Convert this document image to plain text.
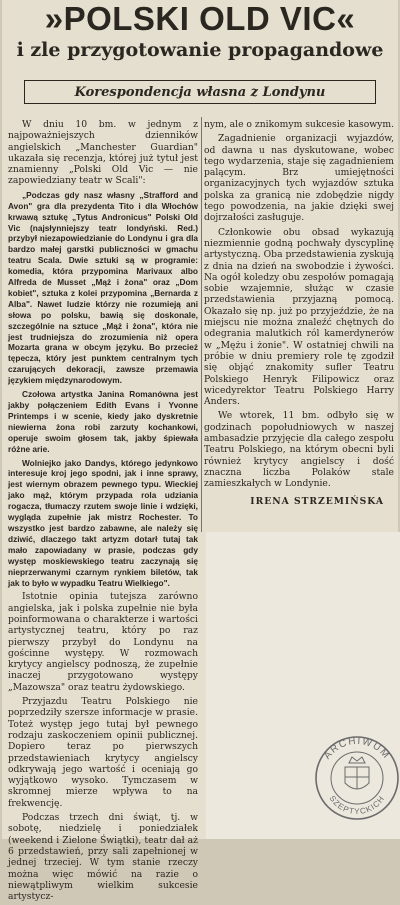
»POLSKI OLD VIC«
i zle przygotowanie propagandowe
Korespondencja własna z Londynu

W dniu 10 bm. w jednym z najpoważniejszych dzienników angielskich „Manchester Guardian" ukazała się recenzja, której już tytuł jest znamienny „Polski Old Vic — nie zapowiedziany teatr w Scali":

„Podczas gdy nasz własny „Strafford and Avon" gra dla prezydenta Tito i dla Włochów krwawą sztukę „Tytus Andronicus" Polski Old Vic (najsłynniejszy teatr londyński. Red.) przybył niezapowiedzianie do Londynu i gra dla bardzo małej garstki publiczności w gmachu teatru Scala. Dwie sztuki są w programie: komedia, która przypomina Marivaux albo Alfreda de Musset „Mąż i żona" oraz „Dom kobiet", sztuka z kolei przypomina „Bernarda z Alba". Nawet ludzie którzy nie rozumieją ani słowa po polsku, bawią się doskonale, szczególnie na sztuce „Mąż i żona", która nie jest trudniejsza do zrozumienia niż opera Mozarta grana w obcym języku. Bo przecież tępecza, który jest punktem centralnym tych czarujących dekoracji, zawsze przemawia językiem międzynarodowym.

Czołowa artystka Janina Romanówna jest jakby połączeniem Edith Evans i Yvonne Printemps i w scenie, kiedy jako dyskretnie niewierna żona robi zarzuty kochankowi, operuje swoim głosem tak, jakby śpiewała różne arie.

Wolniejko jako Dandys, którego jedynkowo interesuje kroj jego spodni, jak i inne sprawy, jest wiernym obrazem pewnego typu. Wieckiej jako mąż, którym przypada rola udziania rogacza, tłumaczy rzutem swoje linie i wdzięki, wygląda zupełnie jak mistrz Rochester. To wszystko jest bardzo zabawne, ale należy się dziwić, dlaczego takt artyzm dotarł tutaj tak mało zapowiadany w prasie, podczas gdy występ moskiewskiego teatru zaczynają się nieprzerwanymi czarnym rynkiem biletów, tak jak to było w wypadku Teatru Wielkiego".

Istotnie opinia tutejsza zarówno angielska, jak i polska zupełnie nie była poinformowana o charakterze i wartości artystycznej teatru, który po raz pierwszy przybył do Londynu na gościnne występy. W rozmowach krytycy angielscy podnoszą, że zupełnie inaczej przygotowano występy „Mazowsza" oraz teatru żydowskiego.

Przyjazdu Teatru Polskiego nie poprzedziły szersze informacje w prasie. Toteż występ jego tutaj był pewnego rodzaju zaskoczeniem opinii publicznej. Dopiero teraz po pierwszych przedstawieniach krytycy angielscy odkrywają jego wartość i oceniają go wyjątkowo wysoko. Tymczasem w skromnej mierze wpływa to na frekwencję.

Podczas trzech dni świąt, tj. w sobotę, niedzielę i poniedziałek (weekend i Zielone Świątki), teatr dał aż 6 przedstawień, przy sali zapełnionej w jednej trzeciej. W tym stanie rzeczy można więc mówić na razie o niewątpliwym wielkim sukcesie artystycz-

nym, ale o znikomym sukcesie kasowym.

Zagadnienie organizacji wyjazdów, od dawna u nas dyskutowane, wobec tego wydarzenia, staje się zagadnieniem palącym. Brz umiejętności organizacyjnych tych wyjazdów sztuka polska za granicą nie zdobędzie nigdy tego powodzenia, na jakie dzięki swej dojrzałości zasługuje.

Członkowie obu obsad wykazują niezmiennie godną pochwały dyscyplinę artystyczną. Oba przedstawienia zyskują z dnia na dzień na swobodzie i żywości. Na ogół koledzy obu zespołów pomagają sobie wzajemnie, służąc w czasie przedstawienia przyjazną pomocą. Okazało się np. już po przyjeździe, że na miejscu nie można znaleźć chętnych do odegrania malutkich ról kamerdynerów w „Mężu i żonie". W ostatniej chwili na próbie w dniu premiery role tę zgodził się objąć znakomity sufler Teatru Polskiego Henryk Filipowicz oraz wicedyrektor Teatru Polskiego Harry Anders.

We wtorek, 11 bm. odbyło się w godzinach popołudniowych w naszej ambasadzie przyjęcie dla całego zespołu Teatru Polskiego, na którym obecni byli również krytycy angielscy i dość znaczna liczba Polaków stale zamieszkałych w Londynie.

IRENA STRZEMIŃSKA
ARCHIWUM
SZEPTYCKICH
